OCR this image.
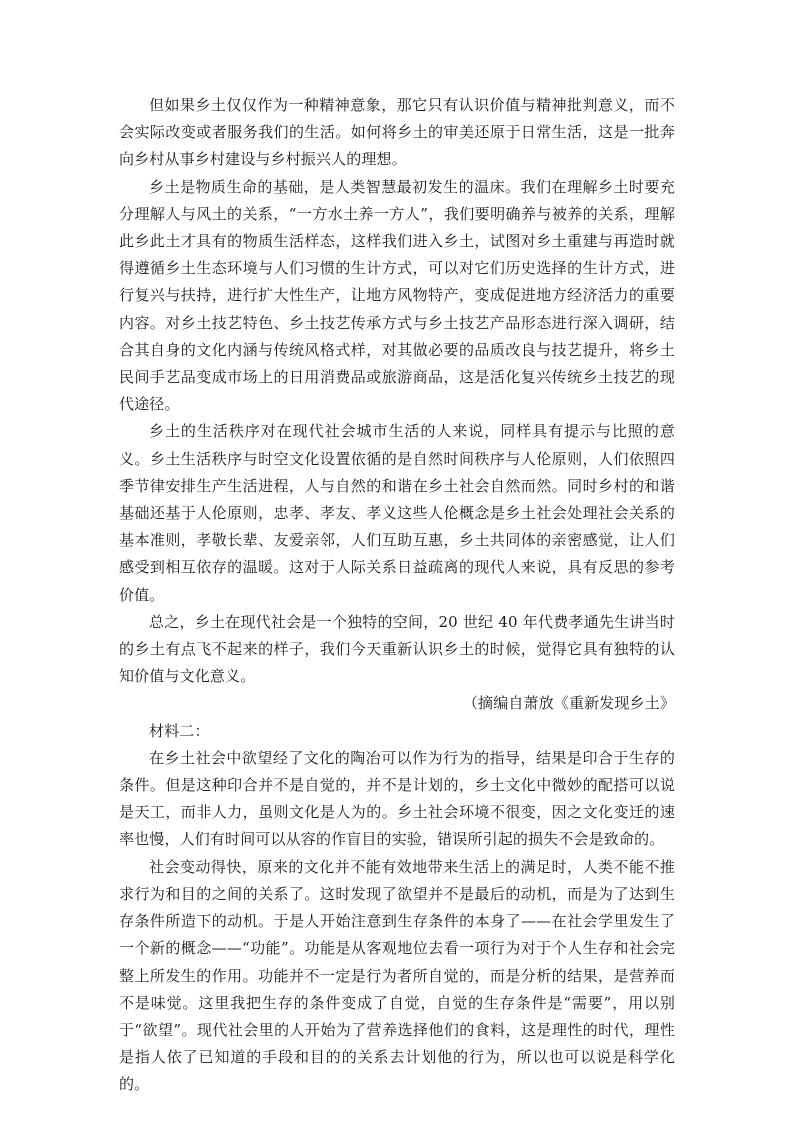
但如果乡土仅仅作为一种精神意象，那它只有认识价值与精神批判意义，而不会实际改变或者服务我们的生活。如何将乡土的审美还原于日常生活，这是一批奔向乡村从事乡村建设与乡村振兴人的理想。

乡土是物质生命的基础，是人类智慧最初发生的温床。我们在理解乡土时要充分理解人与风土的关系，“一方水土养一方人”，我们要明确养与被养的关系，理解此乡此土才具有的物质生活样态，这样我们进入乡土，试图对乡土重建与再造时就得遵循乡土生态环境与人们习惯的生计方式，可以对它们历史选择的生计方式，进行复兴与扶持，进行扩大性生产，让地方风物特产，变成促进地方经济活力的重要内容。对乡土技艺特色、乡土技艺传承方式与乡土技艺产品形态进行深入调研，结合其自身的文化内涵与传统风格式样，对其做必要的品质改良与技艺提升，将乡土民间手艺品变成市场上的日用消费品或旅游商品，这是活化复兴传统乡土技艺的现代途径。

乡土的生活秩序对在现代社会城市生活的人来说，同样具有提示与比照的意义。乡土生活秩序与时空文化设置依循的是自然时间秩序与人伦原则，人们依照四季节律安排生产生活进程，人与自然的和谐在乡土社会自然而然。同时乡村的和谐基础还基于人伦原则，忠孝、孝友、孝义这些人伦概念是乡土社会处理社会关系的基本准则，孝敬长辈、友爱亲邻，人们互助互惠，乡土共同体的亲密感觉，让人们感受到相互依存的温暖。这对于人际关系日益疏离的现代人来说，具有反思的参考价值。

总之，乡土在现代社会是一个独特的空间，20 世纪 40 年代费孝通先生讲当时的乡土有点飞不起来的样子，我们今天重新认识乡土的时候，觉得它具有独特的认知价值与文化意义。

（摘编自萧放《重新发现乡土》

材料二：

在乡土社会中欲望经了文化的陶冶可以作为行为的指导，结果是印合于生存的条件。但是这种印合并不是自觉的，并不是计划的，乡土文化中微妙的配搭可以说是天工，而非人力，虽则文化是人为的。乡土社会环境不很变，因之文化变迁的速率也慢，人们有时间可以从容的作盲目的实验，错误所引起的损失不会是致命的。

社会变动得快，原来的文化并不能有效地带来生活上的满足时，人类不能不推求行为和目的之间的关系了。这时发现了欲望并不是最后的动机，而是为了达到生存条件所造下的动机。于是人开始注意到生存条件的本身了——在社会学里发生了一个新的概念——“功能”。功能是从客观地位去看一项行为对于个人生存和社会完整上所发生的作用。功能并不一定是行为者所自觉的，而是分析的结果，是营养而不是味觉。这里我把生存的条件变成了自觉，自觉的生存条件是“需要”，用以别于“欲望”。现代社会里的人开始为了营养选择他们的食料，这是理性的时代，理性是指人依了已知道的手段和目的的关系去计划他的行为，所以也可以说是科学化的。
